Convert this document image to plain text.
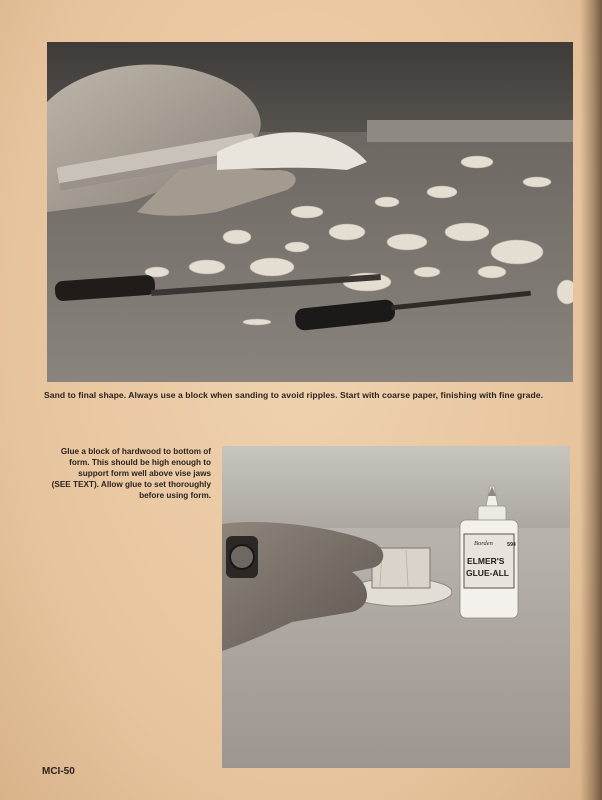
Sand to final shape. Always use a block when sanding to avoid ripples. Start with coarse paper, finishing with fine grade.
Glue a block of hardwood to bottom of
form. This should be high enough to
support form well above vise jaws
(SEE TEXT). Allow glue to set thoroughly
before using form.
Borden	59¢
ELMER'S
GLUE-ALL
MCI-50
